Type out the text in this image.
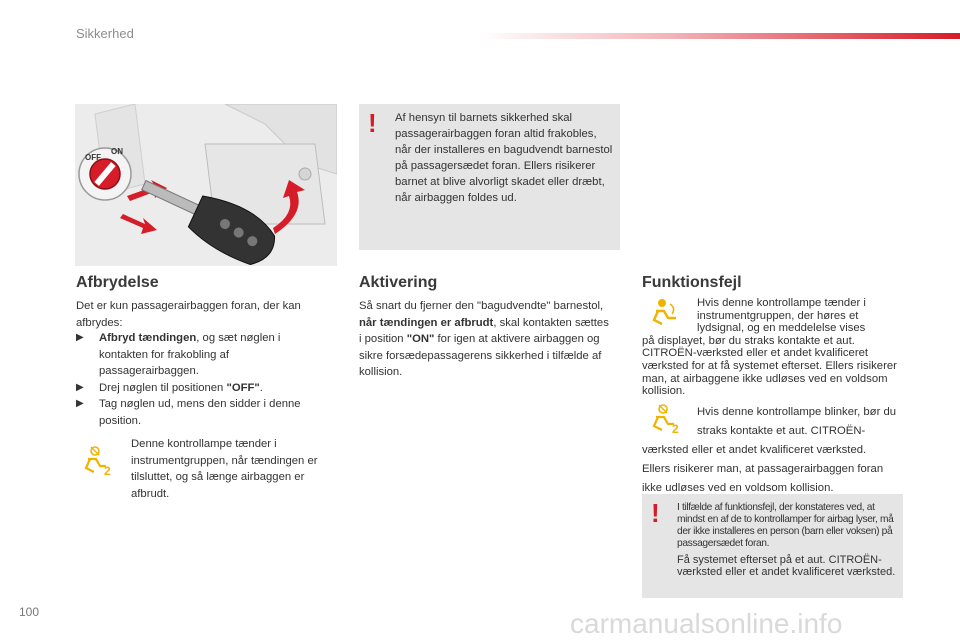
Sikkerhed
OFF
ON
! Af hensyn til barnets sikkerhed skal passagerairbaggen foran altid frakobles, når der installeres en bagudvendt barnestol på passagersædet foran. Ellers risikerer barnet at blive alvorligt skadet eller dræbt, når airbaggen foldes ud.
Afbrydelse
Det er kun passagerairbaggen foran, der kan afbrydes:
▶	Afbryd tændingen, og sæt nøglen i kontakten for frakobling af passagerairbaggen.
▶	Drej nøglen til positionen "OFF".
▶	Tag nøglen ud, mens den sidder i denne position.
2
Denne kontrollampe tænder i instrumentgruppen, når tændingen er tilsluttet, og så længe airbaggen er afbrudt.
Aktivering
Så snart du fjerner den "bagudvendte" barnestol, når tændingen er afbrudt, skal kontakten sættes i position "ON" for igen at aktivere airbaggen og sikre forsædepassagerens sikkerhed i tilfælde af kollision.
Funktionsfejl
Hvis denne kontrollampe tænder i instrumentgruppen, der høres et lydsignal, og en meddelelse vises
på displayet, bør du straks kontakte et aut. CITROËN-værksted eller et andet kvalificeret værksted for at få systemet efterset. Ellers risikerer man, at airbaggene ikke udløses ved en voldsom kollision.
2
Hvis denne kontrollampe blinker, bør du straks kontakte et aut. CITROËN-
værksted eller et andet kvalificeret værksted. Ellers risikerer man, at passagerairbaggen foran ikke udløses ved en voldsom kollision.
! I tilfælde af funktionsfejl, der konstateres ved, at mindst en af de to kontrollamper for airbag lyser, må der ikke installeres en person (barn eller voksen) på passagersædet foran.
Få systemet efterset på et aut. CITROËN-værksted eller et andet kvalificeret værksted.
100	carmanualsonline.info
